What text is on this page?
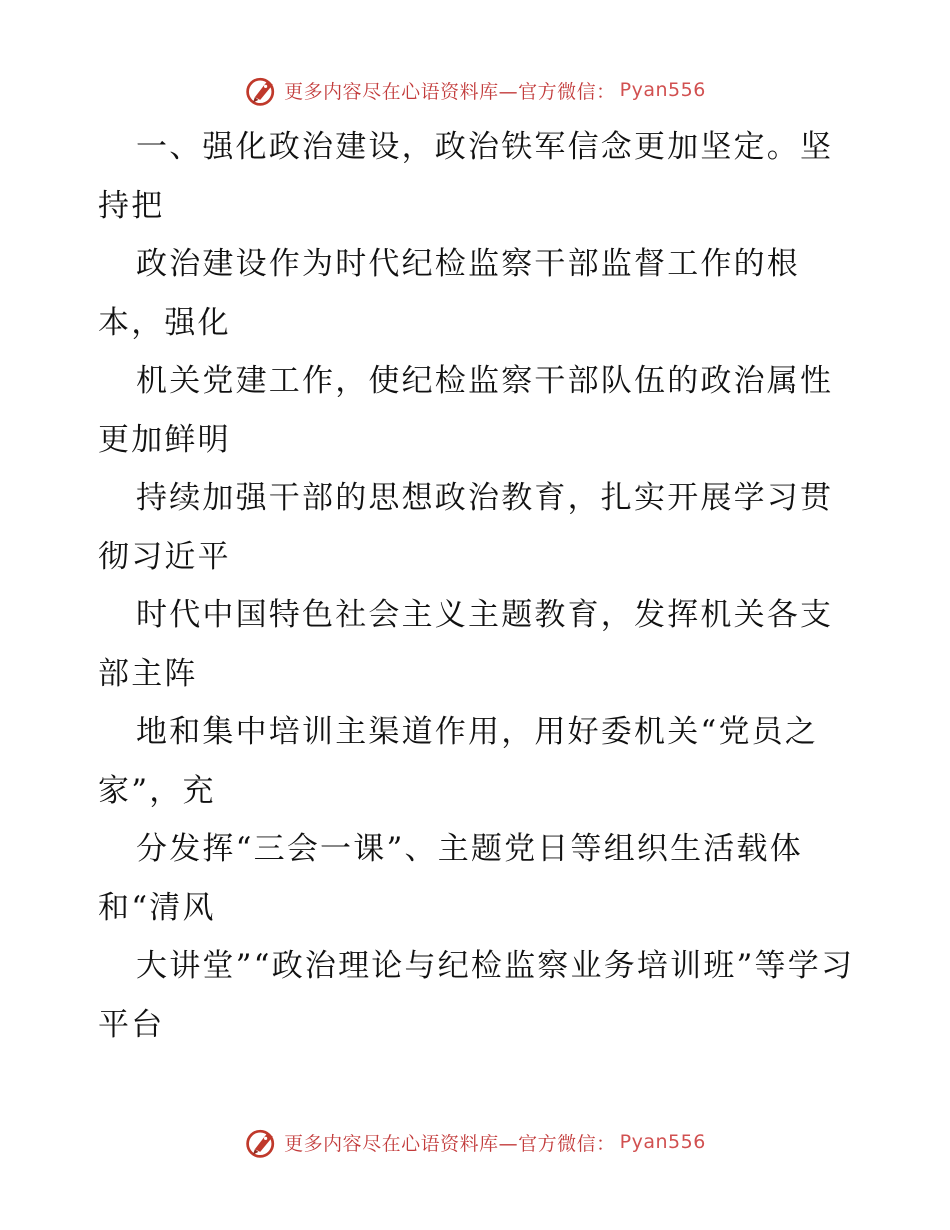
更多内容尽在心语资料库—官方微信： Pyan556

一、强化政治建设，政治铁军信念更加坚定。坚持把

政治建设作为时代纪检监察干部监督工作的根本，强化

机关党建工作，使纪检监察干部队伍的政治属性更加鲜明

持续加强干部的思想政治教育，扎实开展学习贯彻习近平

时代中国特色社会主义主题教育，发挥机关各支部主阵

地和集中培训主渠道作用，用好委机关“党员之家”，充

分发挥“三会一课”、主题党日等组织生活载体和“清风

大讲堂”“政治理论与纪检监察业务培训班”等学习平台

更多内容尽在心语资料库—官方微信： Pyan556
